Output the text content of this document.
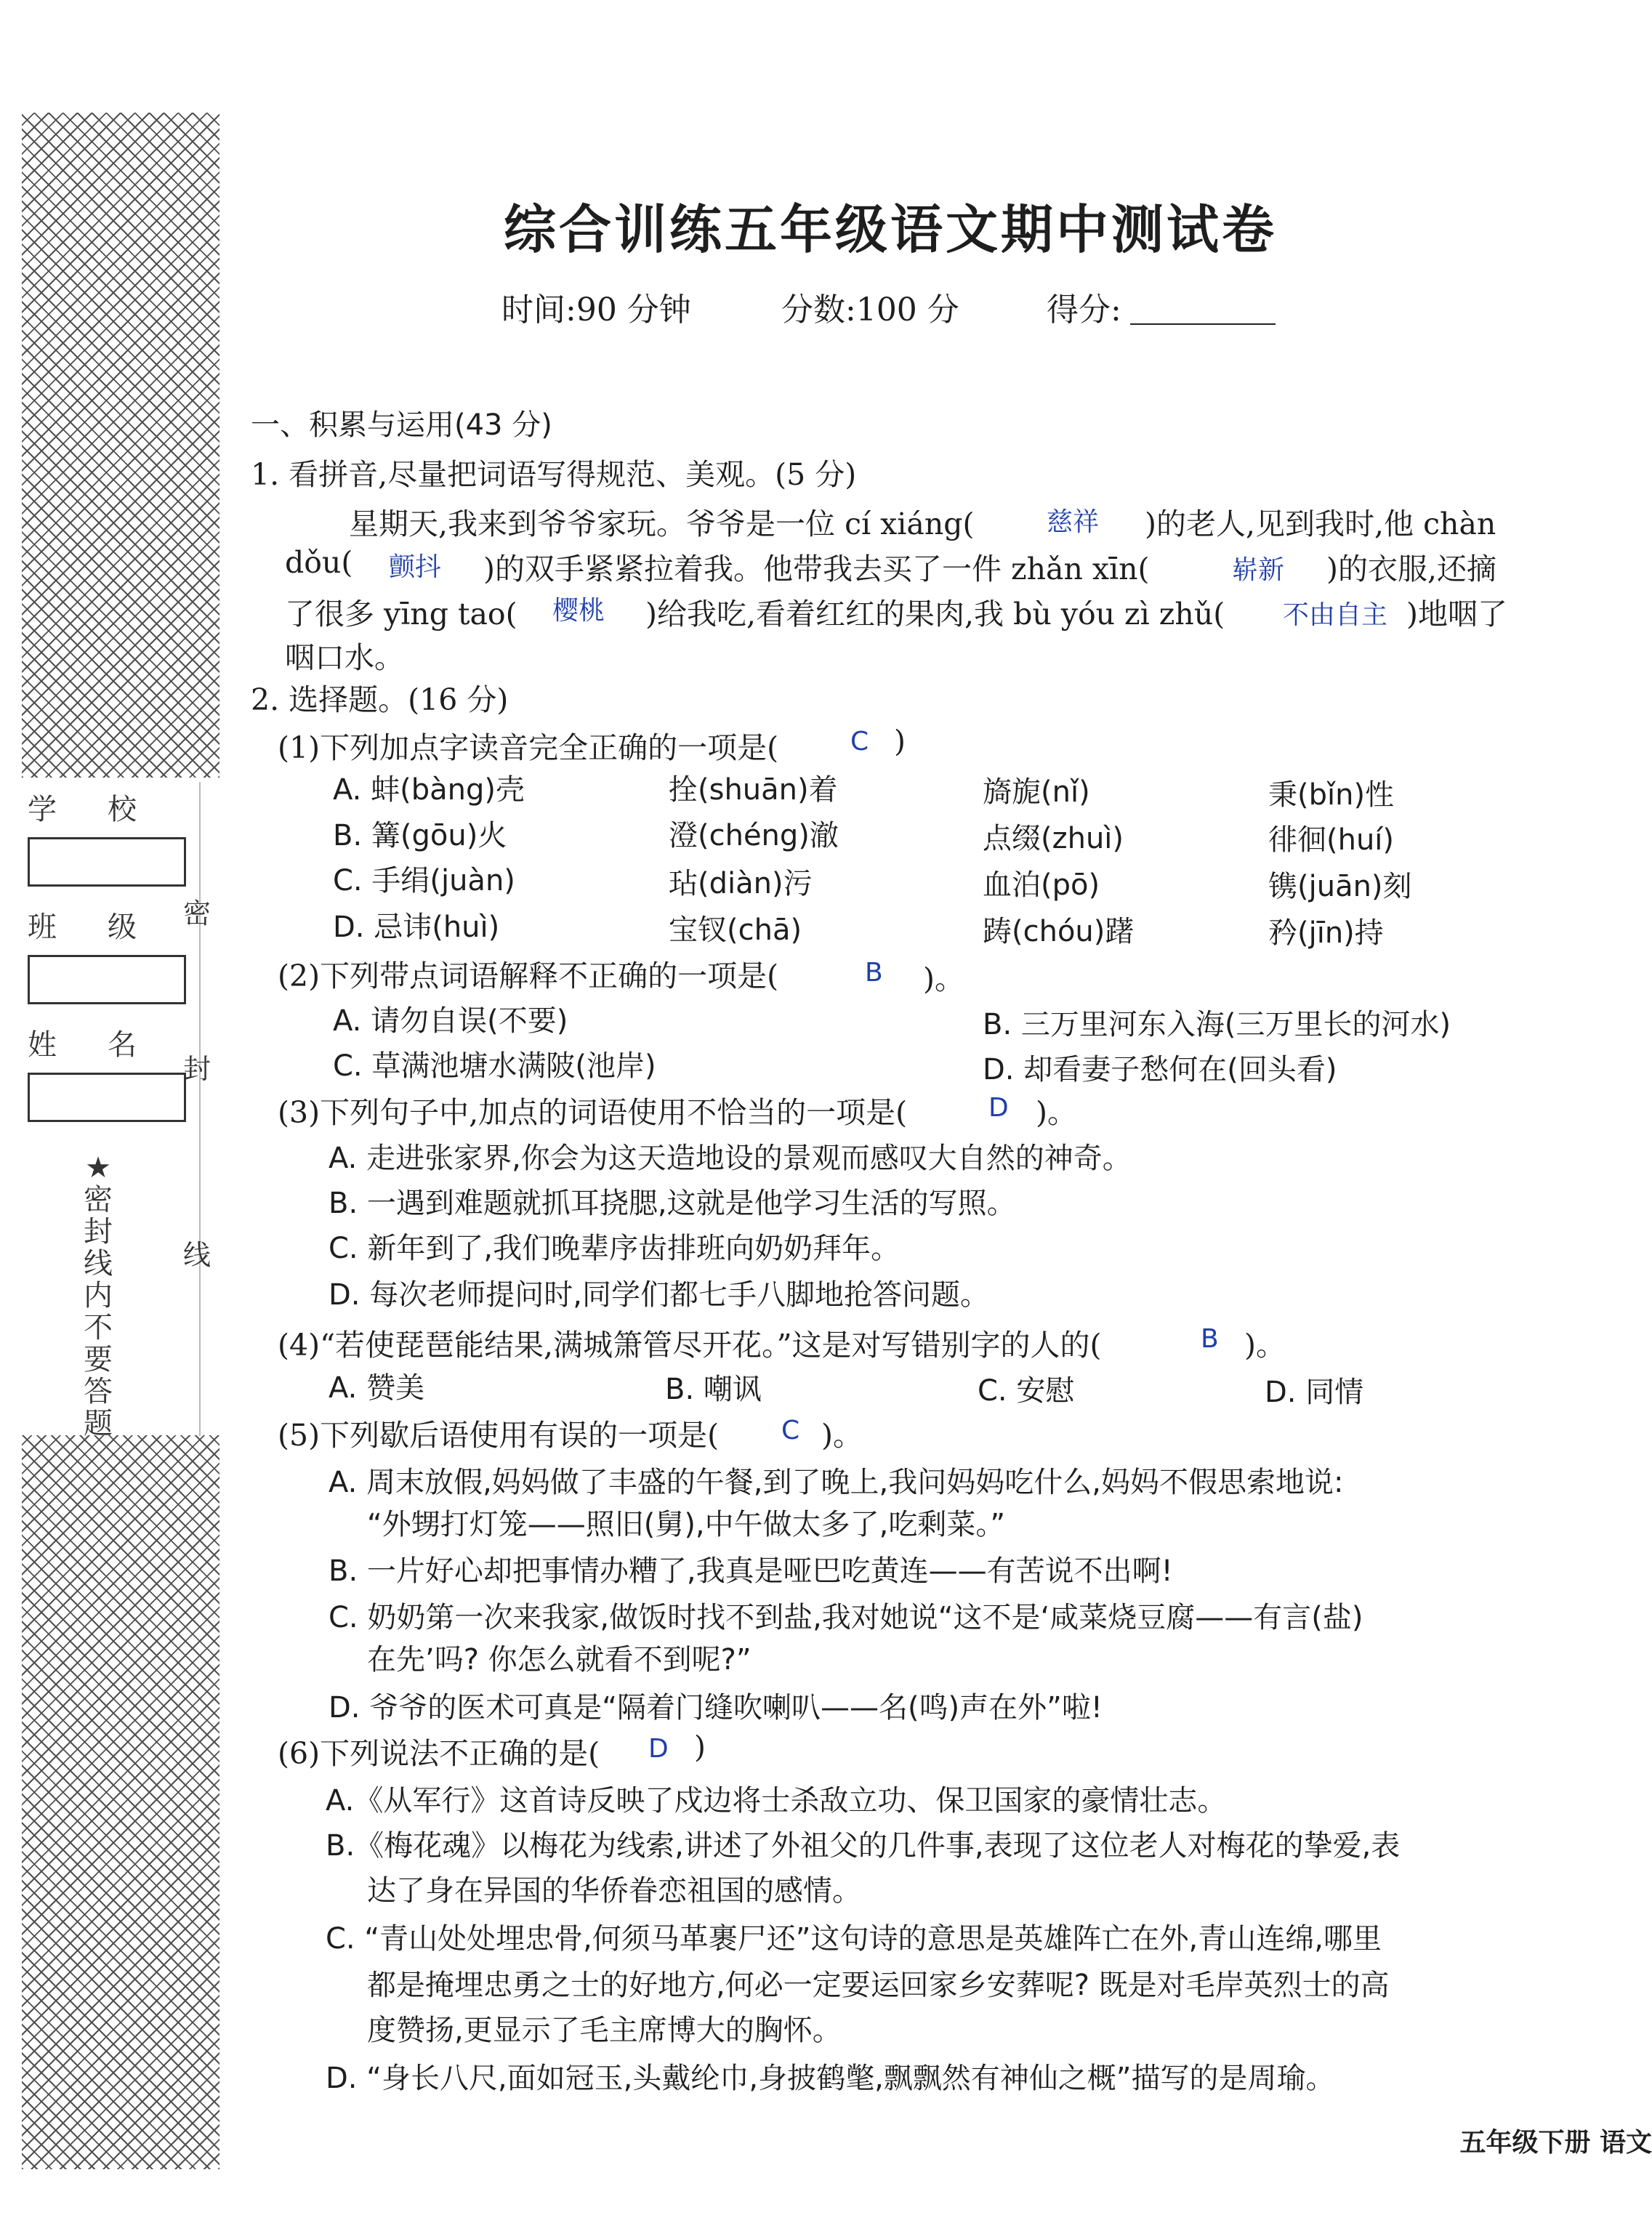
学校
班级
姓名
密
封
线
★密封线内不要答题
综合训练五年级语文期中测试卷
时间:90 分钟	分数:100 分	得分:
一、积累与运用(43 分)
1. 看拼音,尽量把词语写得规范、美观。(5 分)
星期天,我来到爷爷家玩。爷爷是一位 cí xiáng(	慈祥 )的老人,见到我时,他 chàn
dǒu( 颤抖 )的双手紧紧拉着我。他带我去买了一件 zhǎn xīn(	崭新 )的衣服,还摘
了很多 yīng tao( 樱桃 )给我吃,看着红红的果肉,我 bù yóu zì zhǔ( 不由自主 )地咽了
咽口水。
2. 选择题。(16 分)
(1)下列加点字读音完全正确的一项是(	C )
A. 蚌(bàng)壳	拴(shuān)着	旖旎(nǐ)	秉(bǐn)性
B. 篝(gōu)火	澄(chéng)澈	点缀(zhuì)	徘徊(huí)
C. 手绢(juàn)	玷(diàn)污	血泊(pō)	镌(juān)刻
D. 忌讳(huì)	宝钗(chā)	踌(chóu)躇	矜(jīn)持
(2)下列带点词语解释不正确的一项是(	B )。
A. 请勿自误(不要)	B. 三万里河东入海(三万里长的河水)
C. 草满池塘水满陂(池岸)	D. 却看妻子愁何在(回头看)
(3)下列句子中,加点的词语使用不恰当的一项是(	D )。
A. 走进张家界,你会为这天造地设的景观而感叹大自然的神奇。
B. 一遇到难题就抓耳挠腮,这就是他学习生活的写照。
C. 新年到了,我们晚辈序齿排班向奶奶拜年。
D. 每次老师提问时,同学们都七手八脚地抢答问题。
(4)“若使琵琶能结果,满城箫管尽开花。”这是对写错别字的人的(	B )。
A. 赞美	B. 嘲讽	C. 安慰	D. 同情
(5)下列歇后语使用有误的一项是( C )。
A. 周末放假,妈妈做了丰盛的午餐,到了晚上,我问妈妈吃什么,妈妈不假思索地说:
“外甥打灯笼——照旧(舅),中午做太多了,吃剩菜。”
B. 一片好心却把事情办糟了,我真是哑巴吃黄连——有苦说不出啊!
C. 奶奶第一次来我家,做饭时找不到盐,我对她说“这不是‘咸菜烧豆腐——有言(盐)
在先’吗? 你怎么就看不到呢?”
D. 爷爷的医术可真是“隔着门缝吹喇叭——名(鸣)声在外”啦!
(6)下列说法不正确的是( D )
A.《从军行》这首诗反映了戍边将士杀敌立功、保卫国家的豪情壮志。
B.《梅花魂》以梅花为线索,讲述了外祖父的几件事,表现了这位老人对梅花的挚爱,表
达了身在异国的华侨眷恋祖国的感情。
C. “青山处处埋忠骨,何须马革裹尸还”这句诗的意思是英雄阵亡在外,青山连绵,哪里
都是掩埋忠勇之士的好地方,何必一定要运回家乡安葬呢? 既是对毛岸英烈士的高
度赞扬,更显示了毛主席博大的胸怀。
D. “身长八尺,面如冠玉,头戴纶巾,身披鹤氅,飘飘然有神仙之概”描写的是周瑜。
五年级下册 语文
